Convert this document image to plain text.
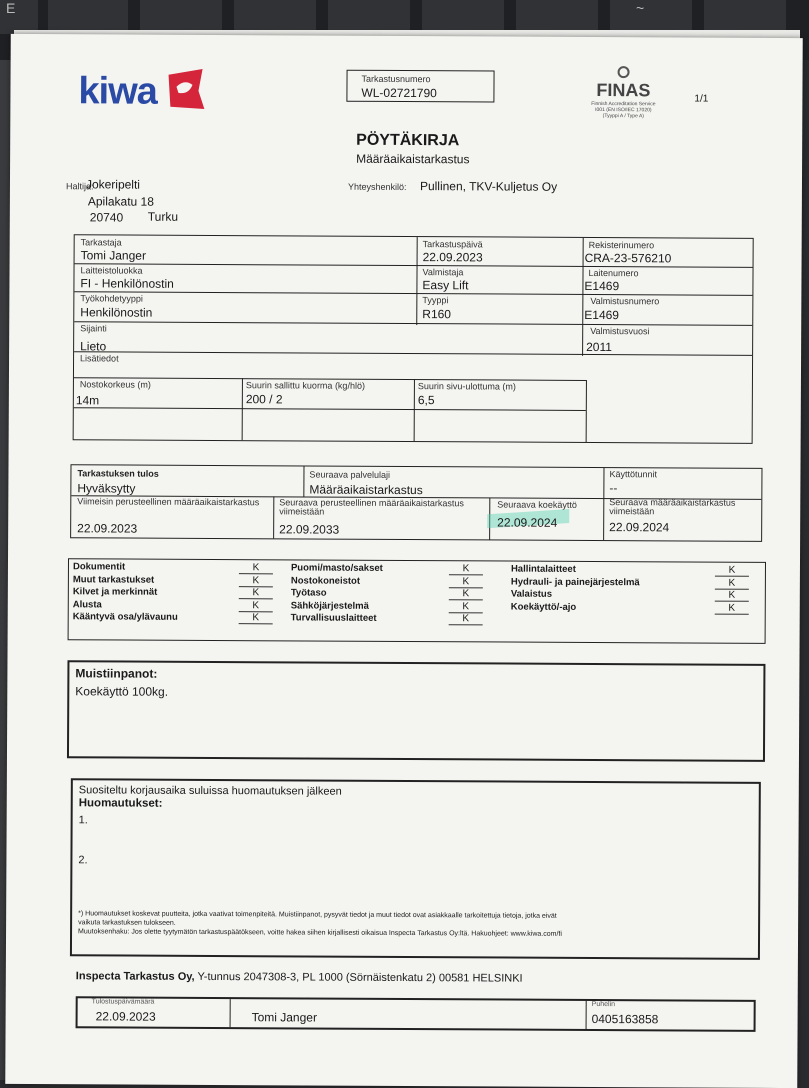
E	~
kiwa	Tarkastusnumero
WL-02721790	FINAS
Finnish Accreditation Service
I001 (EN ISO/IEC 17020)
(Tyyppi A / Type A)
1/1
PÖYTÄKIRJA
Määräaikaistarkastus
Haltija:
Jokeripelti
Apilakatu 18
20740 Turku
Yhteyshenkilö: Pullinen, TKV-Kuljetus Oy
Tarkastaja
Tomi Janger
Tarkastuspäivä
22.09.2023
Rekisterinumero
CRA-23-576210
Laitteistoluokka
FI - Henkilönostin
Valmistaja
Easy Lift
Laitenumero
E1469
Työkohdetyyppi
Henkilönostin
Tyyppi
R160
Valmistusnumero
E1469
Sijainti
Lieto
Valmistusvuosi
2011
Lisätiedot
Nostokorkeus (m)
14m
Suurin sallittu kuorma (kg/hlö)
200 / 2
Suurin sivu-ulottuma (m)
6,5
Tarkastuksen tulos
Hyväksytty
Seuraava palvelulaji
Määräaikaistarkastus
Käyttötunnit
--
Viimeisin perusteellinen määräaikaistarkastus
22.09.2023
Seuraava perusteellinen määräaikaistarkastus viimeistään
22.09.2033
Seuraava koekäyttö
22.09.2024
Seuraava määräaikaistarkastus viimeistään
22.09.2024
Dokumentit	K
Muut tarkastukset	K
Kilvet ja merkinnät	K
Alusta	K
Kääntyvä osa/ylävaunu	K
Puomi/masto/sakset	K
Nostokoneistot	K
Työtaso	K
Sähköjärjestelmä	K
Turvallisuuslaitteet	K
Hallintalaitteet	K
Hydrauli- ja painejärjestelmä	K
Valaistus	K
Koekäyttö/-ajo	K
Muistiinpanot:
Koekäyttö 100kg.
Suositeltu korjausaika suluissa huomautuksen jälkeen
Huomautukset:
1.
2.
*) Huomautukset koskevat puutteita, jotka vaativat toimenpiteitä. Muistiinpanot, pysyvät tiedot ja muut tiedot ovat asiakkaalle tarkoitettuja tietoja, jotka eivät
vaikuta tarkastuksen tulokseen.
Muutoksenhaku: Jos olette tyytymätön tarkastuspäätökseen, voitte hakea siihen kirjallisesti oikaisua Inspecta Tarkastus Oy:ltä. Hakuohjeet: www.kiwa.com/fi
Inspecta Tarkastus Oy, Y-tunnus 2047308-3, PL 1000 (Sörnäistenkatu 2) 00581 HELSINKI
Tulostuspäivämäärä
22.09.2023	Tomi Janger
Puhelin
0405163858
